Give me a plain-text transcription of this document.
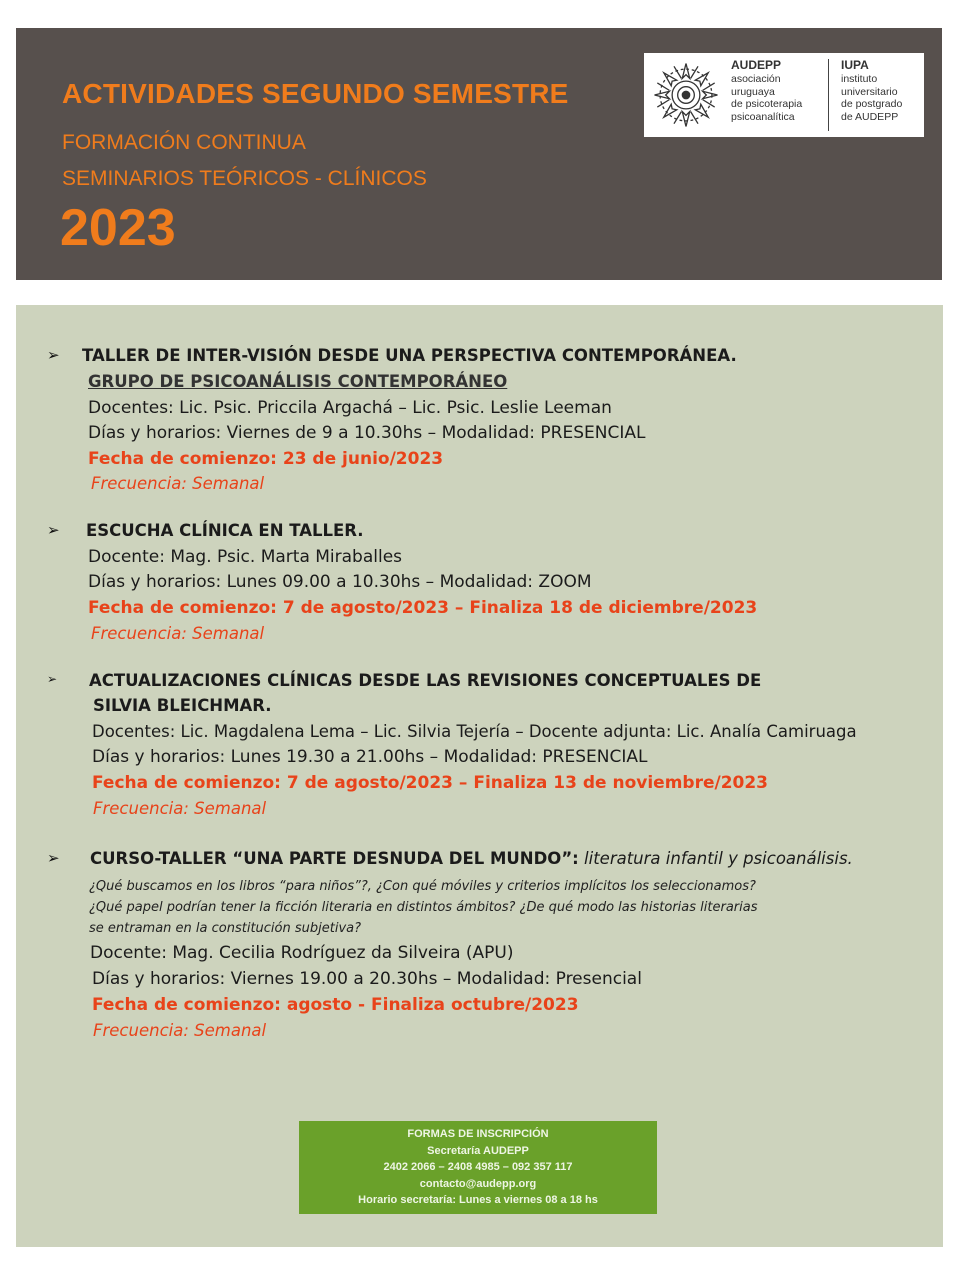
ACTIVIDADES SEGUNDO SEMESTRE
FORMACIÓN CONTINUA
SEMINARIOS TEÓRICOS - CLÍNICOS
2023
AUDEPP
asociación
uruguaya
de psicoterapia
psicoanalítica
IUPA
instituto
universitario
de postgrado
de AUDEPP
➢ TALLER DE INTER-VISIÓN DESDE UNA PERSPECTIVA CONTEMPORÁNEA.
GRUPO DE PSICOANÁLISIS CONTEMPORÁNEO
Docentes: Lic. Psic. Priccila Argachá – Lic. Psic. Leslie Leeman
Días y horarios: Viernes de 9 a 10.30hs – Modalidad: PRESENCIAL
Fecha de comienzo: 23 de junio/2023
Frecuencia: Semanal
➢ ESCUCHA CLÍNICA EN TALLER.
Docente: Mag. Psic. Marta Miraballes
Días y horarios: Lunes 09.00 a 10.30hs – Modalidad: ZOOM
Fecha de comienzo: 7 de agosto/2023 – Finaliza 18 de diciembre/2023
Frecuencia: Semanal
➢ ACTUALIZACIONES CLÍNICAS DESDE LAS REVISIONES CONCEPTUALES DE
SILVIA BLEICHMAR.
Docentes: Lic. Magdalena Lema – Lic. Silvia Tejería – Docente adjunta: Lic. Analía Camiruaga
Días y horarios: Lunes 19.30 a 21.00hs – Modalidad: PRESENCIAL
Fecha de comienzo: 7 de agosto/2023 – Finaliza 13 de noviembre/2023
Frecuencia: Semanal
➢ CURSO-TALLER “UNA PARTE DESNUDA DEL MUNDO”: literatura infantil y psicoanálisis.
¿Qué buscamos en los libros “para niños”?, ¿Con qué móviles y criterios implícitos los seleccionamos?
¿Qué papel podrían tener la ficción literaria en distintos ámbitos? ¿De qué modo las historias literarias
se entraman en la constitución subjetiva?
Docente: Mag. Cecilia Rodríguez da Silveira (APU)
Días y horarios: Viernes 19.00 a 20.30hs – Modalidad: Presencial
Fecha de comienzo: agosto - Finaliza octubre/2023
Frecuencia: Semanal
FORMAS DE INSCRIPCIÓN
Secretaría AUDEPP
2402 2066 – 2408 4985 – 092 357 117
contacto@audepp.org
Horario secretaría: Lunes a viernes 08 a 18 hs
